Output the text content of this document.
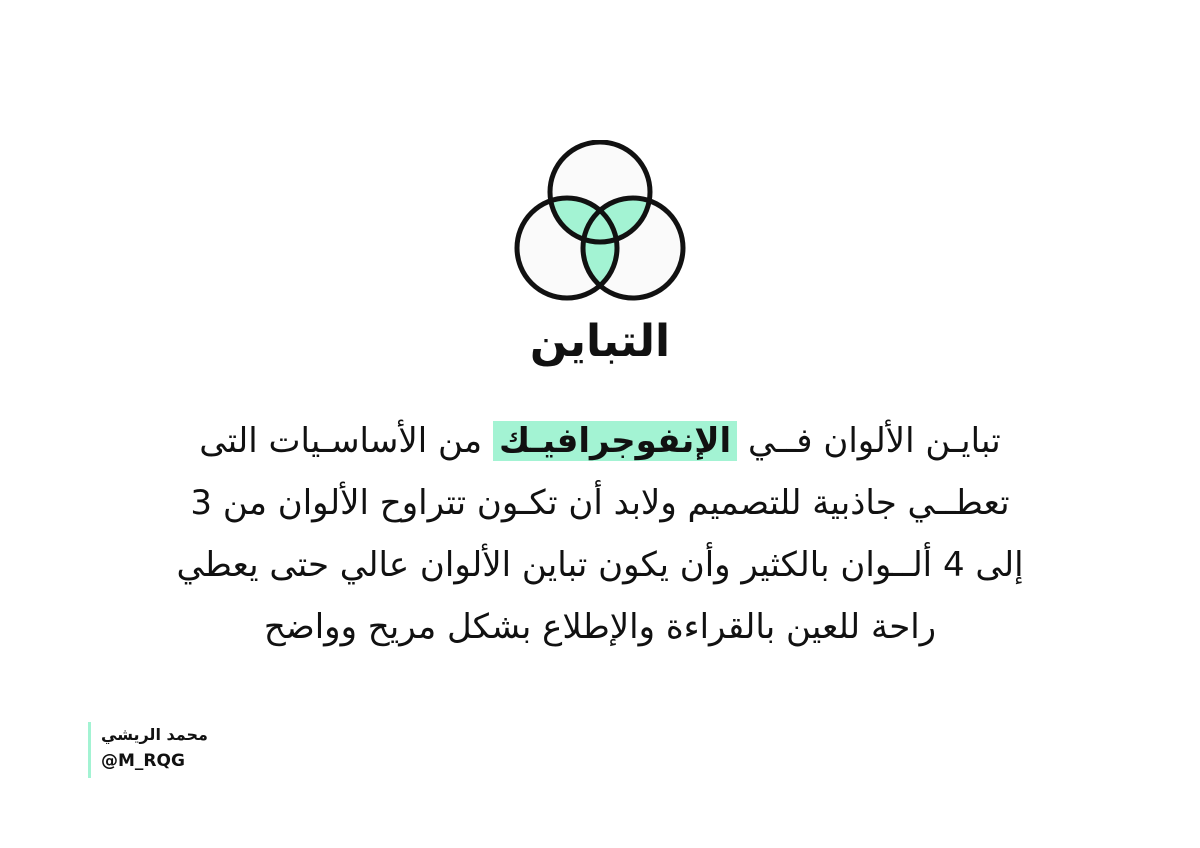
التباين
تبايـن الألوان فــي الإنفوجرافيـك من الأساسـيات التى
تعطــي جاذبية للتصميم ولابد أن تكـون تتراوح الألوان من 3
إلى 4 ألــوان بالكثير وأن يكون تباين الألوان عالي حتى يعطي
راحة للعين بالقراءة والإطلاع بشكل مريح وواضح
محمد الريشي
@M_RQG
